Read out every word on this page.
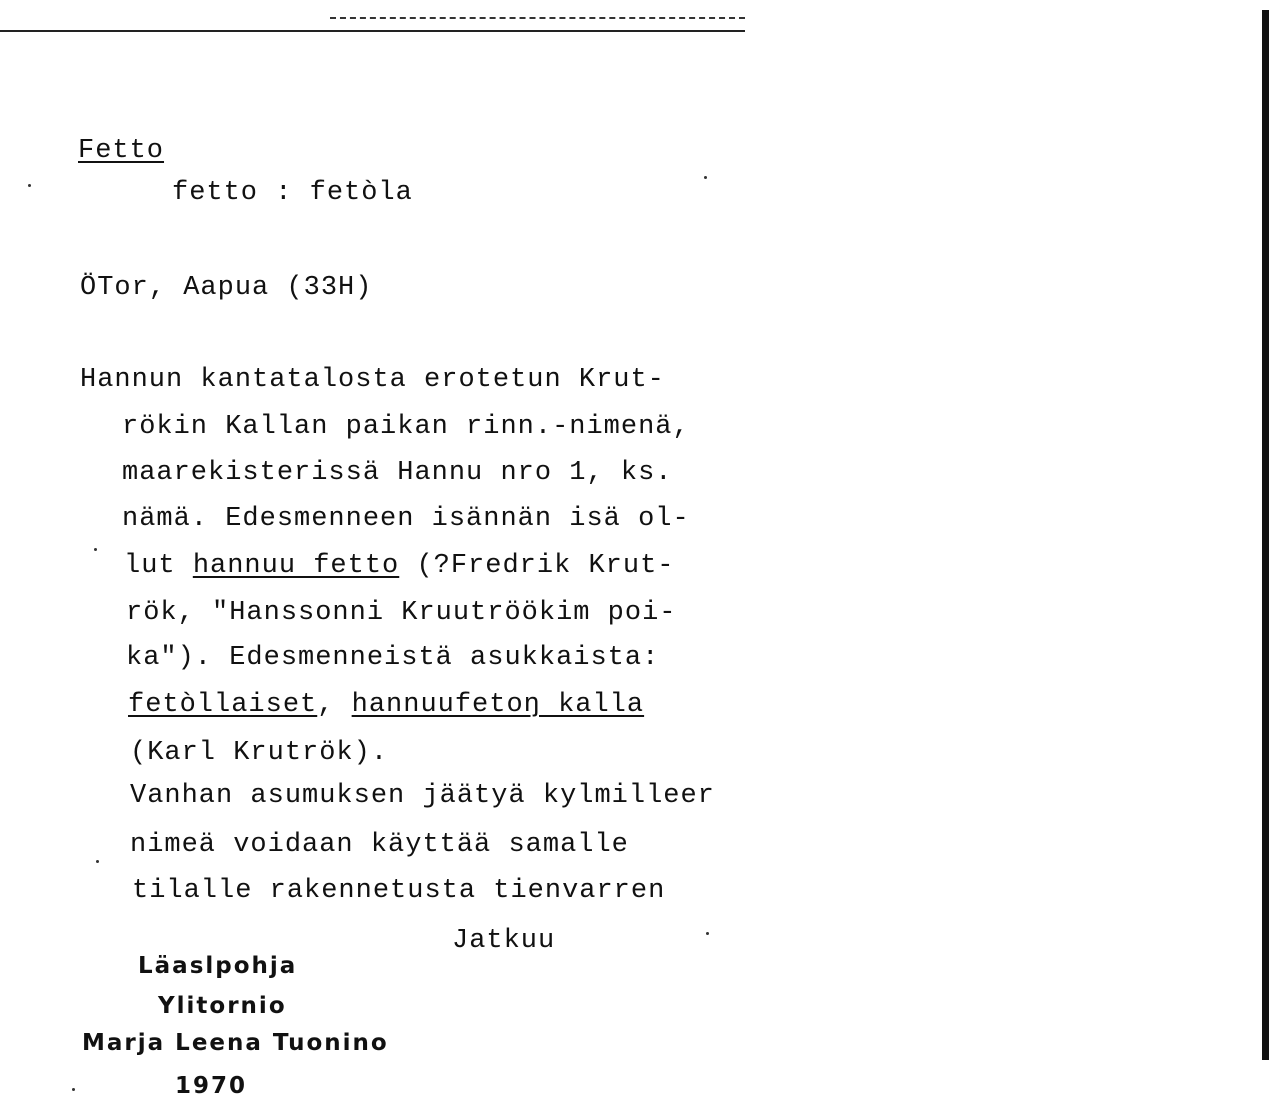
Fetto
fetto : fetòla
ÖTor, Aapua (33H)
Hannun kantatalosta erotetun Krut-
rökin Kallan paikan rinn.-nimenä,
maarekisterissä Hannu nro 1, ks.
nämä. Edesmenneen isännän isä ol-
lut hannuu fetto (?Fredrik Krut-
rök, "Hanssonni Kruutröökim poi-
ka"). Edesmenneistä asukkaista:
fetòllaiset, hannuufetoŋ kalla
(Karl Krutrök).
Vanhan asumuksen jäätyä kylmilleer
nimeä voidaan käyttää samalle
tilalle rakennetusta tienvarren
Jatkuu
Läaslpohja
Ylitornio
Marja Leena Tuonino
1970
